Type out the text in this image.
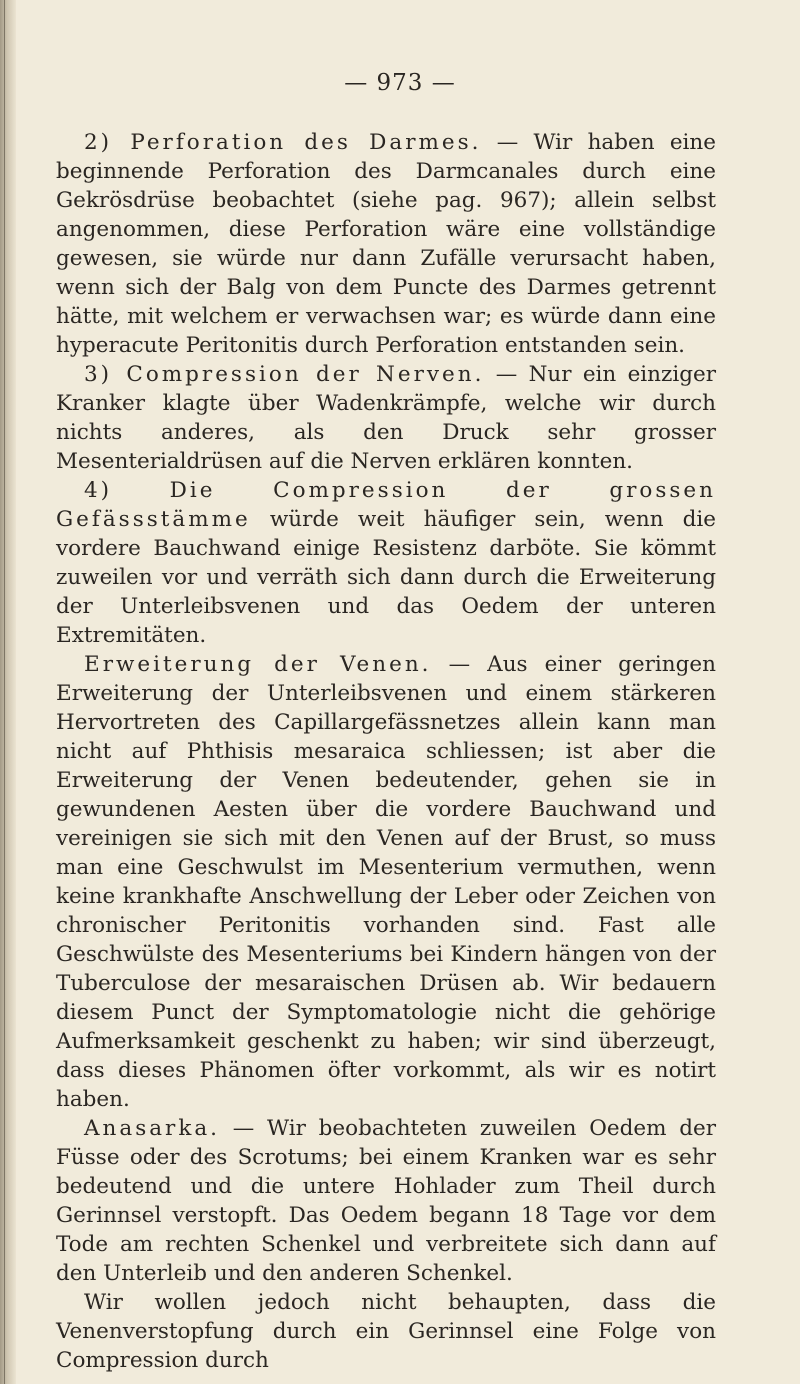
— 973 —

2) Perforation des Darmes. — Wir haben eine beginnende Perforation des Darmcanales durch eine Gekrösdrüse beobachtet (siehe pag. 967); allein selbst angenommen, diese Perforation wäre eine vollständige gewesen, sie würde nur dann Zufälle verursacht haben, wenn sich der Balg von dem Puncte des Darmes getrennt hätte, mit welchem er verwachsen war; es würde dann eine hyperacute Peritonitis durch Perforation entstanden sein.

3) Compression der Nerven. — Nur ein einziger Kranker klagte über Wadenkrämpfe, welche wir durch nichts anderes, als den Druck sehr grosser Mesenterialdrüsen auf die Nerven erklären konnten.

4) Die Compression der grossen Gefässstämme würde weit häufiger sein, wenn die vordere Bauchwand einige Resistenz darböte. Sie kömmt zuweilen vor und verräth sich dann durch die Erweiterung der Unterleibsvenen und das Oedem der unteren Extremitäten.

Erweiterung der Venen. — Aus einer geringen Erweiterung der Unterleibsvenen und einem stärkeren Hervortreten des Capillargefässnetzes allein kann man nicht auf Phthisis mesaraica schliessen; ist aber die Erweiterung der Venen bedeutender, gehen sie in gewundenen Aesten über die vordere Bauchwand und vereinigen sie sich mit den Venen auf der Brust, so muss man eine Geschwulst im Mesenterium vermuthen, wenn keine krankhafte Anschwellung der Leber oder Zeichen von chronischer Peritonitis vorhanden sind. Fast alle Geschwülste des Mesenteriums bei Kindern hängen von der Tuberculose der mesaraischen Drüsen ab. Wir bedauern diesem Punct der Symptomatologie nicht die gehörige Aufmerksamkeit geschenkt zu haben; wir sind überzeugt, dass dieses Phänomen öfter vorkommt, als wir es notirt haben.

Anasarka. — Wir beobachteten zuweilen Oedem der Füsse oder des Scrotums; bei einem Kranken war es sehr bedeutend und die untere Hohlader zum Theil durch Gerinnsel verstopft. Das Oedem begann 18 Tage vor dem Tode am rechten Schenkel und verbreitete sich dann auf den Unterleib und den anderen Schenkel.

Wir wollen jedoch nicht behaupten, dass die Venenverstopfung durch ein Gerinnsel eine Folge von Compression durch
